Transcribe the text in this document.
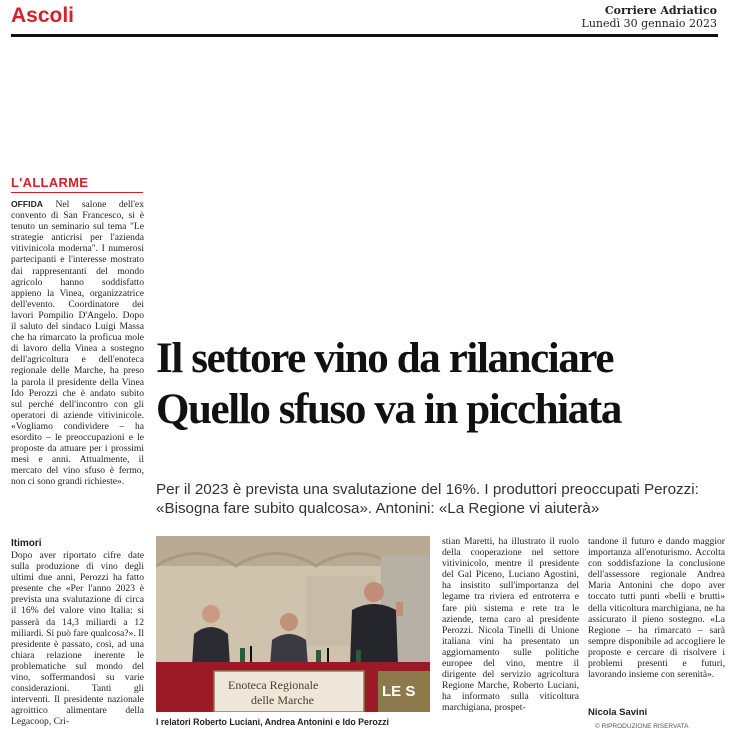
Ascoli	Corriere Adriatico
Lunedì 30 gennaio 2023
L'ALLARME
OFFIDA Nel salone dell'ex convento di San Francesco, si è tenuto un seminario sul tema "Le strategie anticrisi per l'azienda vitivinicola moderna". I numerosi partecipanti e l'interesse mostrato dai rappresentanti del mondo agricolo hanno soddisfatto appieno la Vinea, organizzatrice dell'evento. Coordinatore dei lavori Pompilio D'Angelo. Dopo il saluto del sindaco Luigi Massa che ha rimarcato la proficua mole di lavoro della Vinea a sostegno dell'agricoltura e dell'enoteca regionale delle Marche, ha preso la parola il presidente della Vinea Ido Perozzi che è andato subito sul perché dell'incontro con gli operatori di aziende vitivinicole. «Vogliamo condividere – ha esordito – le preoccupazioni e le proposte da attuare per i prossimi mesi e anni. Attualmente, il mercato del vino sfuso è fermo, non ci sono grandi richieste».
Itimori
Dopo aver riportato cifre date sulla produzione di vino degli ultimi due anni, Perozzi ha fatto presente che «Per l'anno 2023 è prevista una svalutazione di circa il 16% del valore vino Italia: si passerà da 14,3 miliardi a 12 miliardi. Si può fare qualcosa?». Il presidente è passato, così, ad una chiara relazione inerente le problematiche sul mondo del vino, soffermandosi su varie considerazioni. Tanti gli interventi. Il presidente nazionale agroittico alimentare della Legacoop, Cri-
Il settore vino da rilanciare
Quello sfuso va in picchiata
Per il 2023 è prevista una svalutazione del 16%. I produttori preoccupati Perozzi: «Bisogna fare subito qualcosa». Antonini: «La Regione vi aiuterà»
Enoteca Regionale
delle Marche	LE S
I relatori Roberto Luciani, Andrea Antonini e Ido Perozzi
stian Maretti, ha illustrato il ruolo della cooperazione nel settore vitivinicolo, mentre il presidente del Gal Piceno, Luciano Agostini, ha insistito sull'importanza del legame tra riviera ed entroterra e fare più sistema e rete tra le aziende, tema caro al presidente Perozzi. Nicola Tinelli di Unione italiana vini ha presentato un aggiornamento sulle politiche europee del vino, mentre il dirigente del servizio agricoltura Regione Marche, Roberto Luciani, ha informato sulla viticoltura marchigiana, prospet-
tandone il futuro e dando maggior importanza all'enoturismo. Accolta con soddisfazione la conclusione dell'assessore regionale Andrea Maria Antonini che dopo aver toccato tutti punti «belli e brutti» della viticoltura marchigiana, ne ha assicurato il pieno sostegno. «La Regione – ha rimarcato – sarà sempre disponibile ad accogliere le proposte e cercare di risolvere i problemi presenti e futuri, lavorando insieme con serenità».
Nicola Savini
© RIPRODUZIONE RISERVATA
